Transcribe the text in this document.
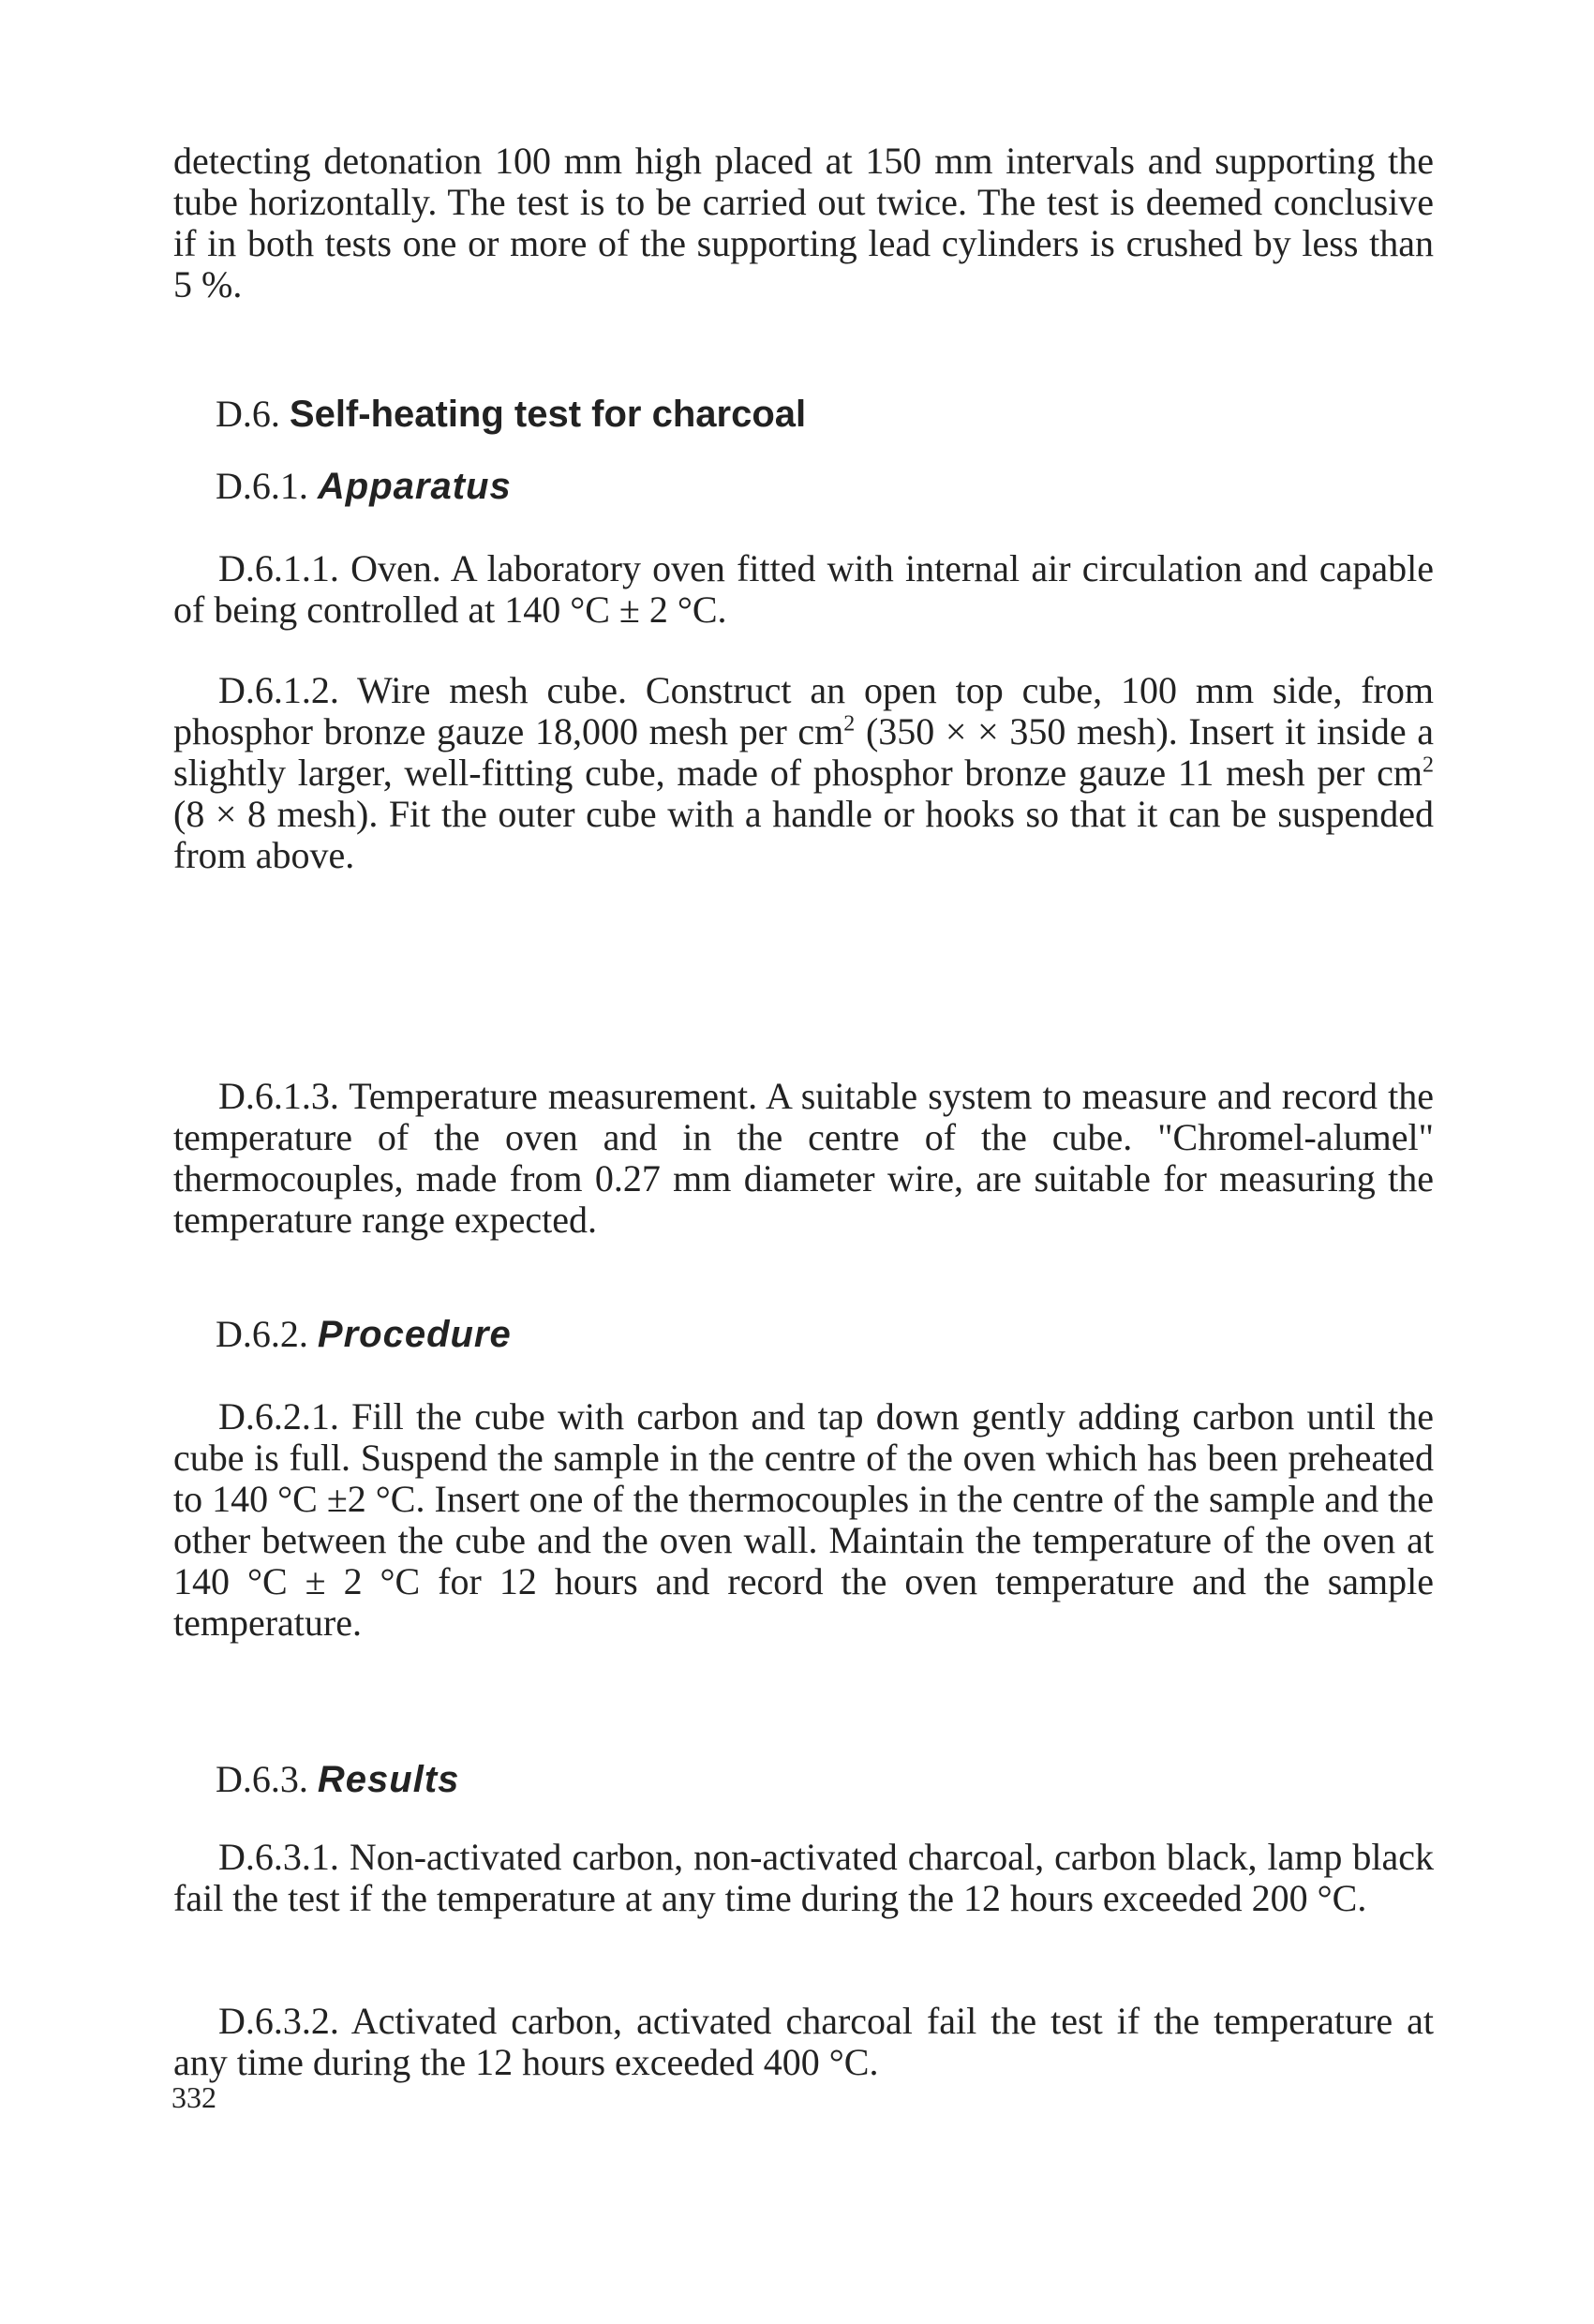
detecting detonation 100 mm high placed at 150 mm intervals and supporting the tube horizontally. The test is to be carried out twice. The test is deemed conclusive if in both tests one or more of the supporting lead cylinders is crushed by less than 5 %.
D.6. Self-heating test for charcoal
D.6.1. Apparatus
D.6.1.1. Oven. A laboratory oven fitted with internal air circulation and capable of being controlled at 140 °C ± 2 °C.
D.6.1.2. Wire mesh cube. Construct an open top cube, 100 mm side, from phosphor bronze gauze 18,000 mesh per $cm^2$ (350 × × 350 mesh). Insert it inside a slightly larger, well-fitting cube, made of phosphor bronze gauze 11 mesh per $cm^2$ (8 × 8 mesh). Fit the outer cube with a handle or hooks so that it can be suspended from above.
D.6.1.3. Temperature measurement. A suitable system to measure and record the temperature of the oven and in the centre of the cube. "Chromel-alumel" thermocouples, made from 0.27 mm diameter wire, are suitable for measuring the temperature range expected.
D.6.2. Procedure
D.6.2.1. Fill the cube with carbon and tap down gently adding carbon until the cube is full. Suspend the sample in the centre of the oven which has been preheated to 140 °C ±2 °C. Insert one of the thermocouples in the centre of the sample and the other between the cube and the oven wall. Maintain the temperature of the oven at 140 °C ± 2 °C for 12 hours and record the oven temperature and the sample temperature.
D.6.3. Results
D.6.3.1. Non-activated carbon, non-activated charcoal, carbon black, lamp black fail the test if the temperature at any time during the 12 hours exceeded 200 °C.
D.6.3.2. Activated carbon, activated charcoal fail the test if the temperature at any time during the 12 hours exceeded 400 °C.
332
